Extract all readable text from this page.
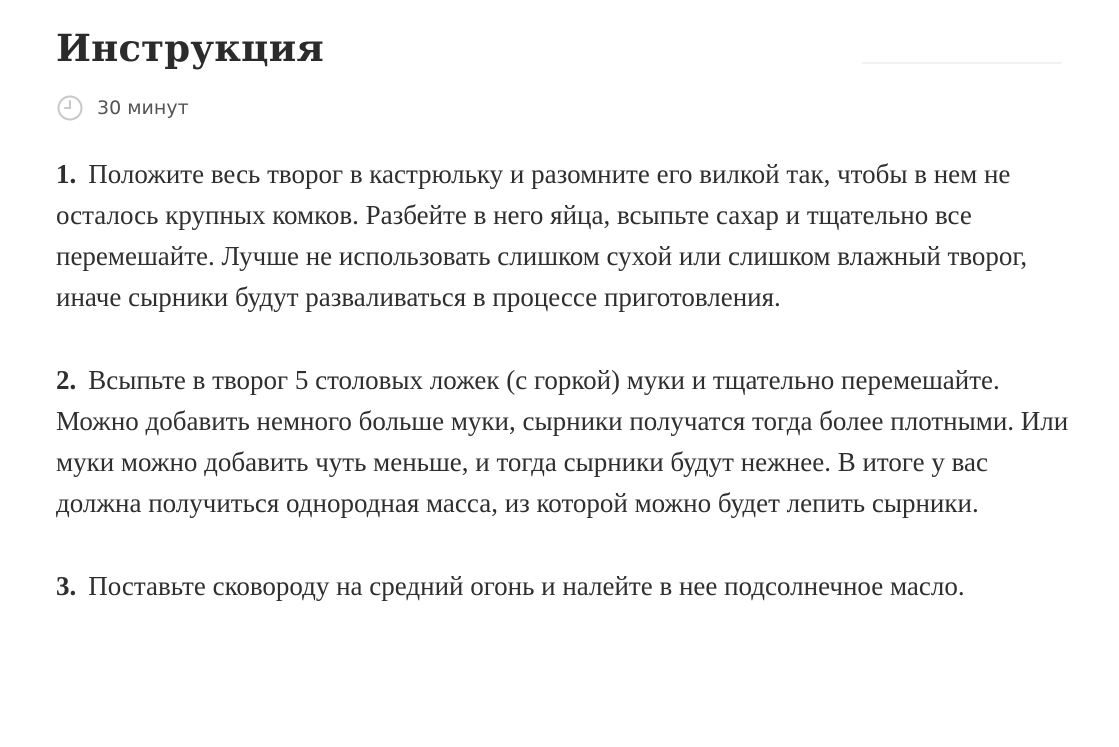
Инструкция
30 минут

1. Положите весь творог в кастрюльку и разомните его вилкой так, чтобы в нем не осталось крупных комков. Разбейте в него яйца, всыпьте сахар и тщательно все перемешайте. Лучше не использовать слишком сухой или слишком влажный творог, иначе сырники будут разваливаться в процессе приготовления.

2. Всыпьте в творог 5 столовых ложек (с горкой) муки и тщательно перемешайте. Можно добавить немного больше муки, сырники получатся тогда более плотными. Или муки можно добавить чуть меньше, и тогда сырники будут нежнее. В итоге у вас должна получиться однородная масса, из которой можно будет лепить сырники.

3. Поставьте сковороду на средний огонь и налейте в нее подсолнечное масло.
